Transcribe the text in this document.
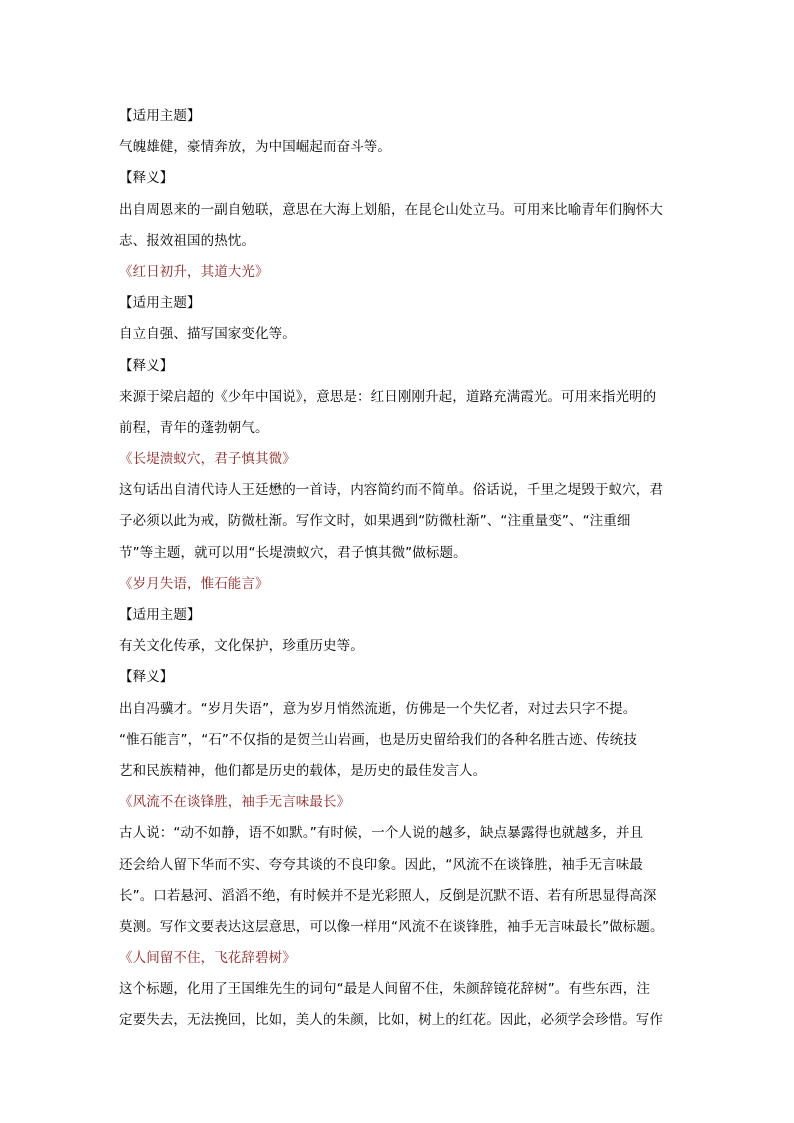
【适用主题】
气魄雄健，豪情奔放，为中国崛起而奋斗等。
【释义】
出自周恩来的一副自勉联，意思在大海上划船，在昆仑山处立马。可用来比喻青年们胸怀大
志、报效祖国的热忱。
《红日初升，其道大光》
【适用主题】
自立自强、描写国家变化等。
【释义】
来源于梁启超的《少年中国说》，意思是：红日刚刚升起，道路充满霞光。可用来指光明的
前程，青年的蓬勃朝气。
《长堤溃蚁穴，君子慎其微》
这句话出自清代诗人王廷懋的一首诗，内容简约而不简单。俗话说，千里之堤毁于蚁穴，君
子必须以此为戒，防微杜渐。写作文时，如果遇到“防微杜渐”、“注重量变”、“注重细
节”等主题，就可以用“长堤溃蚁穴，君子慎其微”做标题。
《岁月失语，惟石能言》
【适用主题】
有关文化传承，文化保护，珍重历史等。
【释义】
出自冯骥才。“岁月失语”，意为岁月悄然流逝，仿佛是一个失忆者，对过去只字不提。
“惟石能言”，“石”不仅指的是贺兰山岩画，也是历史留给我们的各种名胜古迹、传统技
艺和民族精神，他们都是历史的载体，是历史的最佳发言人。
《风流不在谈锋胜，袖手无言味最长》
古人说：“动不如静，语不如默。”有时候，一个人说的越多，缺点暴露得也就越多，并且
还会给人留下华而不实、夸夸其谈的不良印象。因此，“风流不在谈锋胜，袖手无言味最
长”。口若悬河、滔滔不绝，有时候并不是光彩照人，反倒是沉默不语、若有所思显得高深
莫测。写作文要表达这层意思，可以像一样用“风流不在谈锋胜，袖手无言味最长”做标题。
《人间留不住，飞花辞碧树》
这个标题，化用了王国维先生的词句“最是人间留不住，朱颜辞镜花辞树”。有些东西，注
定要失去，无法挽回，比如，美人的朱颜，比如，树上的红花。因此，必须学会珍惜。写作
